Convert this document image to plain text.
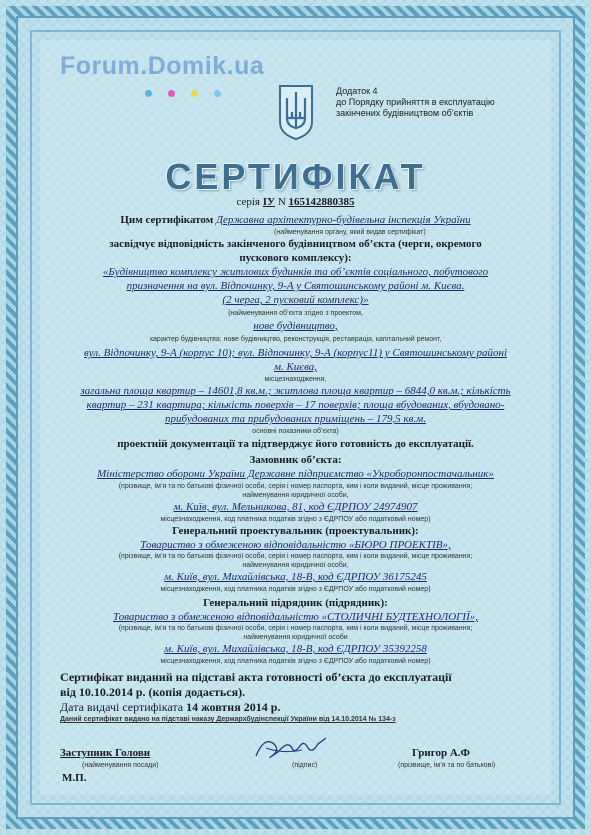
Forum.Domik.ua
Додаток 4
до Порядку прийняття в експлуатацію
закінчених будівництвом об’єктів
СЕРТИФІКАТ
серія IУ N 165142880385
Цим сертифікатом Державна архітектурно-будівельна інспекція України
(найменування органу, який видав сертифікат)
засвідчує відповідність закінченого будівництвом об’єкта (черги, окремого
пускового комплексу):
«Будівництво комплексу житлових будинків та об’єктів соціального, побутового
призначення на вул. Відпочинку, 9-А у Святошинському районі м. Києва.
(2 черга, 2 пусковий комплекс)»
(найменування об’єкта згідно з проектом,
нове будівництво,
характер будівництва: нове будівництво, реконструкція, реставрація, капітальний ремонт,
вул. Відпочинку, 9-А (корпус 10); вул. Відпочинку, 9-А (корпус11) у Святошинському районі
м. Києва,
місцезнаходження,
загальна площа квартир – 14601,8 кв.м.; житлова площа квартир – 6844,0 кв.м.; кількість
квартир – 231 квартира; кількість поверхів – 17 поверхів; площа вбудованих, вбудовано-
прибудованих та прибудованих приміщень – 179,5 кв.м.
основні показники об’єкта)
проектній документації та підтверджує його готовність до експлуатації.
Замовник об’єкта:
Міністерство оборони України Державне підприємство «Укроборонпостачальник»
(прізвище, ім’я та по батькові фізичної особи, серія і номер паспорта, ким і коли виданий, місце проживання;
найменування юридичної особи,
м. Київ, вул. Мельникова, 81, код ЄДРПОУ 24974907
місцезнаходження, код платника податків згідно з ЄДРПОУ або податковий номер)
Генеральний проектувальник (проектувальник):
Товариство з обмеженою відповідальністю «БЮРО ПРОЕКТІВ»,
(прізвище, ім’я та по батькові фізичної особи, серія і номер паспорта, ким і коли виданий, місце проживання;
найменування юридичної особи,
м. Київ, вул. Михайлівська, 18-В, код ЄДРПОУ 36175245
місцезнаходження, код платника податків згідно з ЄДРПОУ або податковий номер)
Генеральний підрядник (підрядник):
Товариство з обмеженою відповідальністю «СТОЛИЧНІ БУДТЕХНОЛОГІЇ»,
(прізвище, ім’я та по батькові фізичної особи, серія і номер паспорта, ким і коли виданий, місце проживання;
найменування юридичної особи
м. Київ, вул. Михайлівська, 18-В, код ЄДРПОУ 35392258
місцезнаходження, код платника податків згідно з ЄДРПОУ або податковий номер)
Сертифікат виданий на підставі акта готовності об’єкта до експлуатації
від 10.10.2014 р. (копія додається).
Дата видачі сертифіката 14 жовтня 2014 р.
Даний сертифікат видано на підставі наказу Держархбудінспекції України від 14.10.2014 № 134-з
Заступник Голови
(найменування посади)
М.П.
(підпис)
Григор А.Ф
(прізвище, ім’я та по батькові)
